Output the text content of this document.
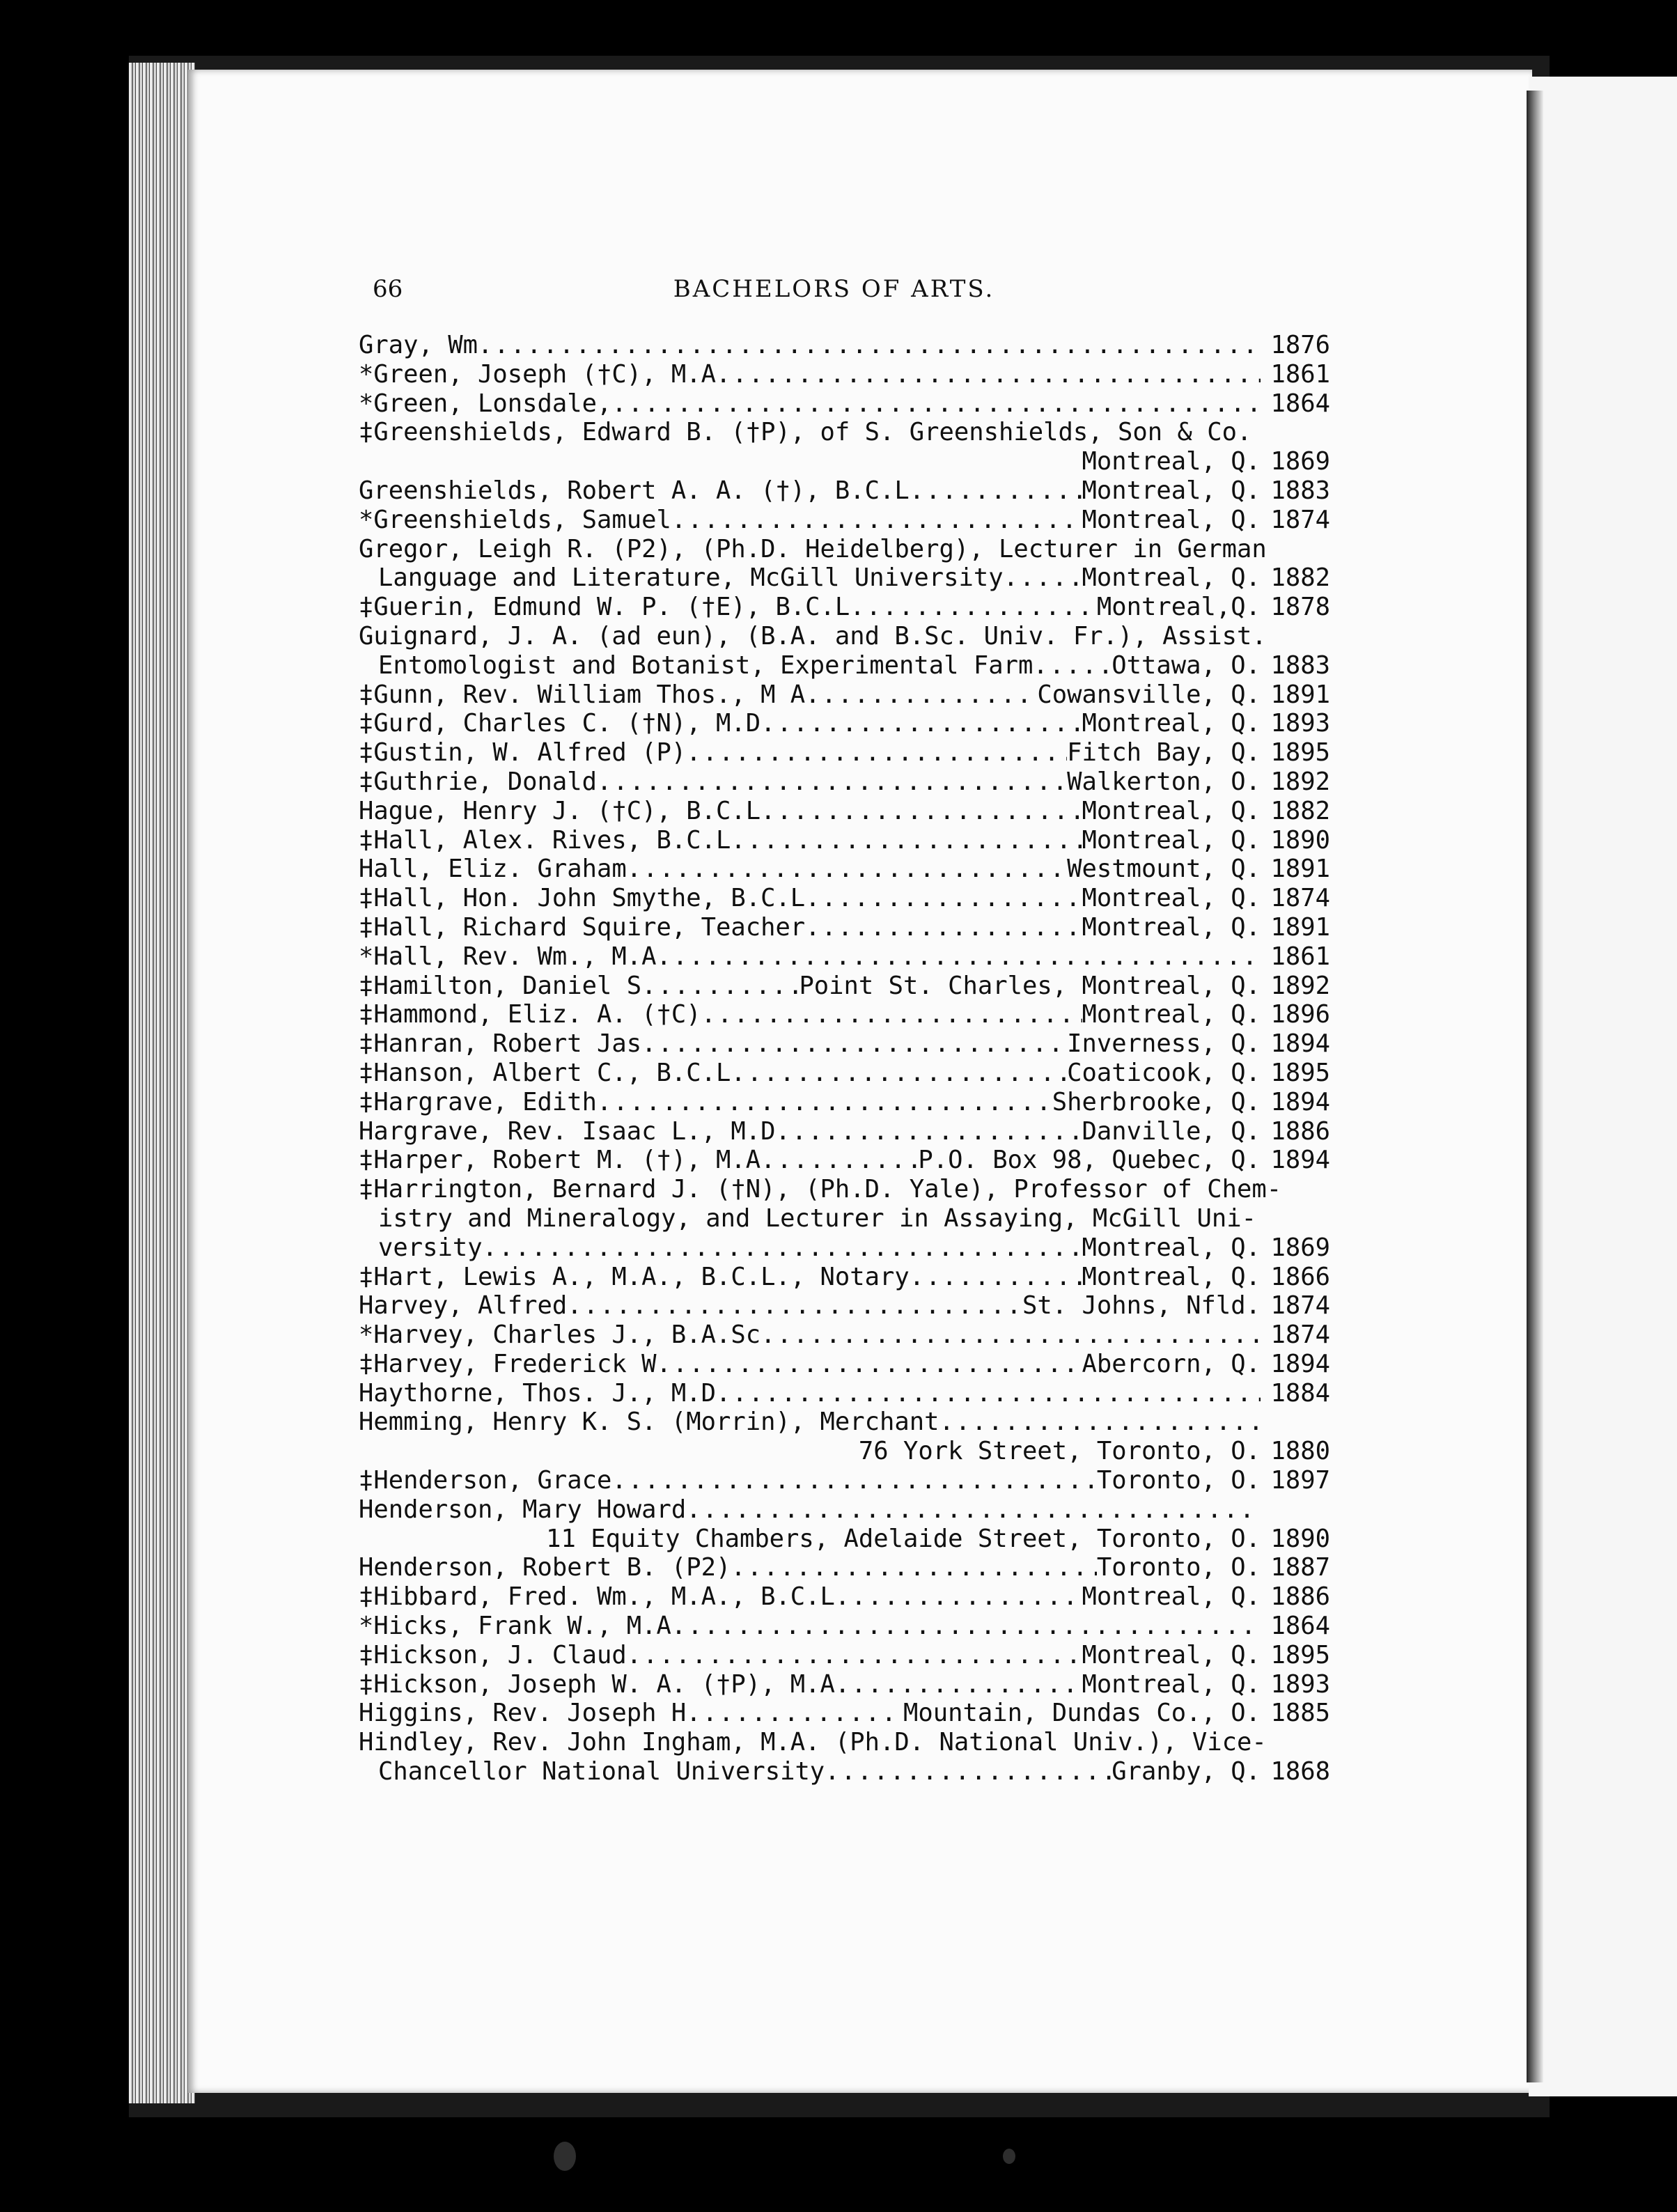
66	BACHELORS OF ARTS.
Gray, Wm .....	1876
*Green, Joseph (†C), M.A .....	1861
*Green, Lonsdale, .....	1864
‡Greenshields, Edward B. (†P), of S. Greenshields, Son & Co.
Montreal, Q. 1869
Greenshields, Robert A. A. (†), B.C.L .....	Montreal, Q. 1883
*Greenshields, Samuel .....	Montreal, Q. 1874
Gregor, Leigh R. (P2), (Ph.D. Heidelberg), Lecturer in German
Language and Literature, McGill University .....	Montreal, Q. 1882
‡Guerin, Edmund W. P. (†E), B.C.L .....	Montreal,Q. 1878
Guignard, J. A. (ad eun), (B.A. and B.Sc. Univ. Fr.), Assist.
Entomologist and Botanist, Experimental Farm .....	Ottawa, O. 1883
‡Gunn, Rev. William Thos., M A .....	Cowansville, Q. 1891
‡Gurd, Charles C. (†N), M.D .....	Montreal, Q. 1893
‡Gustin, W. Alfred (P) .....	Fitch Bay, Q. 1895
‡Guthrie, Donald .....	Walkerton, O. 1892
Hague, Henry J. (†C), B.C.L .....	Montreal, Q. 1882
‡Hall, Alex. Rives, B.C.L .....	Montreal, Q. 1890
Hall, Eliz. Graham .....	Westmount, Q. 1891
‡Hall, Hon. John Smythe, B.C.L .....	Montreal, Q. 1874
‡Hall, Richard Squire, Teacher .....	Montreal, Q. 1891
*Hall, Rev. Wm., M.A .....	1861
‡Hamilton, Daniel S .....	Point St. Charles, Montreal, Q. 1892
‡Hammond, Eliz. A. (†C) .....	Montreal, Q. 1896
‡Hanran, Robert Jas .....	Inverness, Q. 1894
‡Hanson, Albert C., B.C.L .....	Coaticook, Q. 1895
‡Hargrave, Edith .....	Sherbrooke, Q. 1894
Hargrave, Rev. Isaac L., M.D .....	Danville, Q. 1886
‡Harper, Robert M. (†), M.A .....	P.O. Box 98, Quebec, Q. 1894
‡Harrington, Bernard J. (†N), (Ph.D. Yale), Professor of Chem-
istry and Mineralogy, and Lecturer in Assaying, McGill Uni-
versity .....	Montreal, Q. 1869
‡Hart, Lewis A., M.A., B.C.L., Notary .....	Montreal, Q. 1866
Harvey, Alfred .....	St. Johns, Nfld. 1874
*Harvey, Charles J., B.A.Sc .....	1874
‡Harvey, Frederick W .....	Abercorn, Q. 1894
Haythorne, Thos. J., M.D .....	1884
Hemming, Henry K. S. (Morrin), Merchant
.....
76 York Street, Toronto, O. 1880
‡Henderson, Grace .....	Toronto, O. 1897
Henderson, Mary Howard
.....
11 Equity Chambers, Adelaide Street, Toronto, O. 1890
Henderson, Robert B. (P2) .....	Toronto, O. 1887
‡Hibbard, Fred. Wm., M.A., B.C.L .....	Montreal, Q. 1886
*Hicks, Frank W., M.A .....	1864
‡Hickson, J. Claud .....	Montreal, Q. 1895
‡Hickson, Joseph W. A. (†P), M.A .....	Montreal, Q. 1893
Higgins, Rev. Joseph H .....	Mountain, Dundas Co., O. 1885
Hindley, Rev. John Ingham, M.A. (Ph.D. National Univ.), Vice-
Chancellor National University .....	Granby, Q. 1868
